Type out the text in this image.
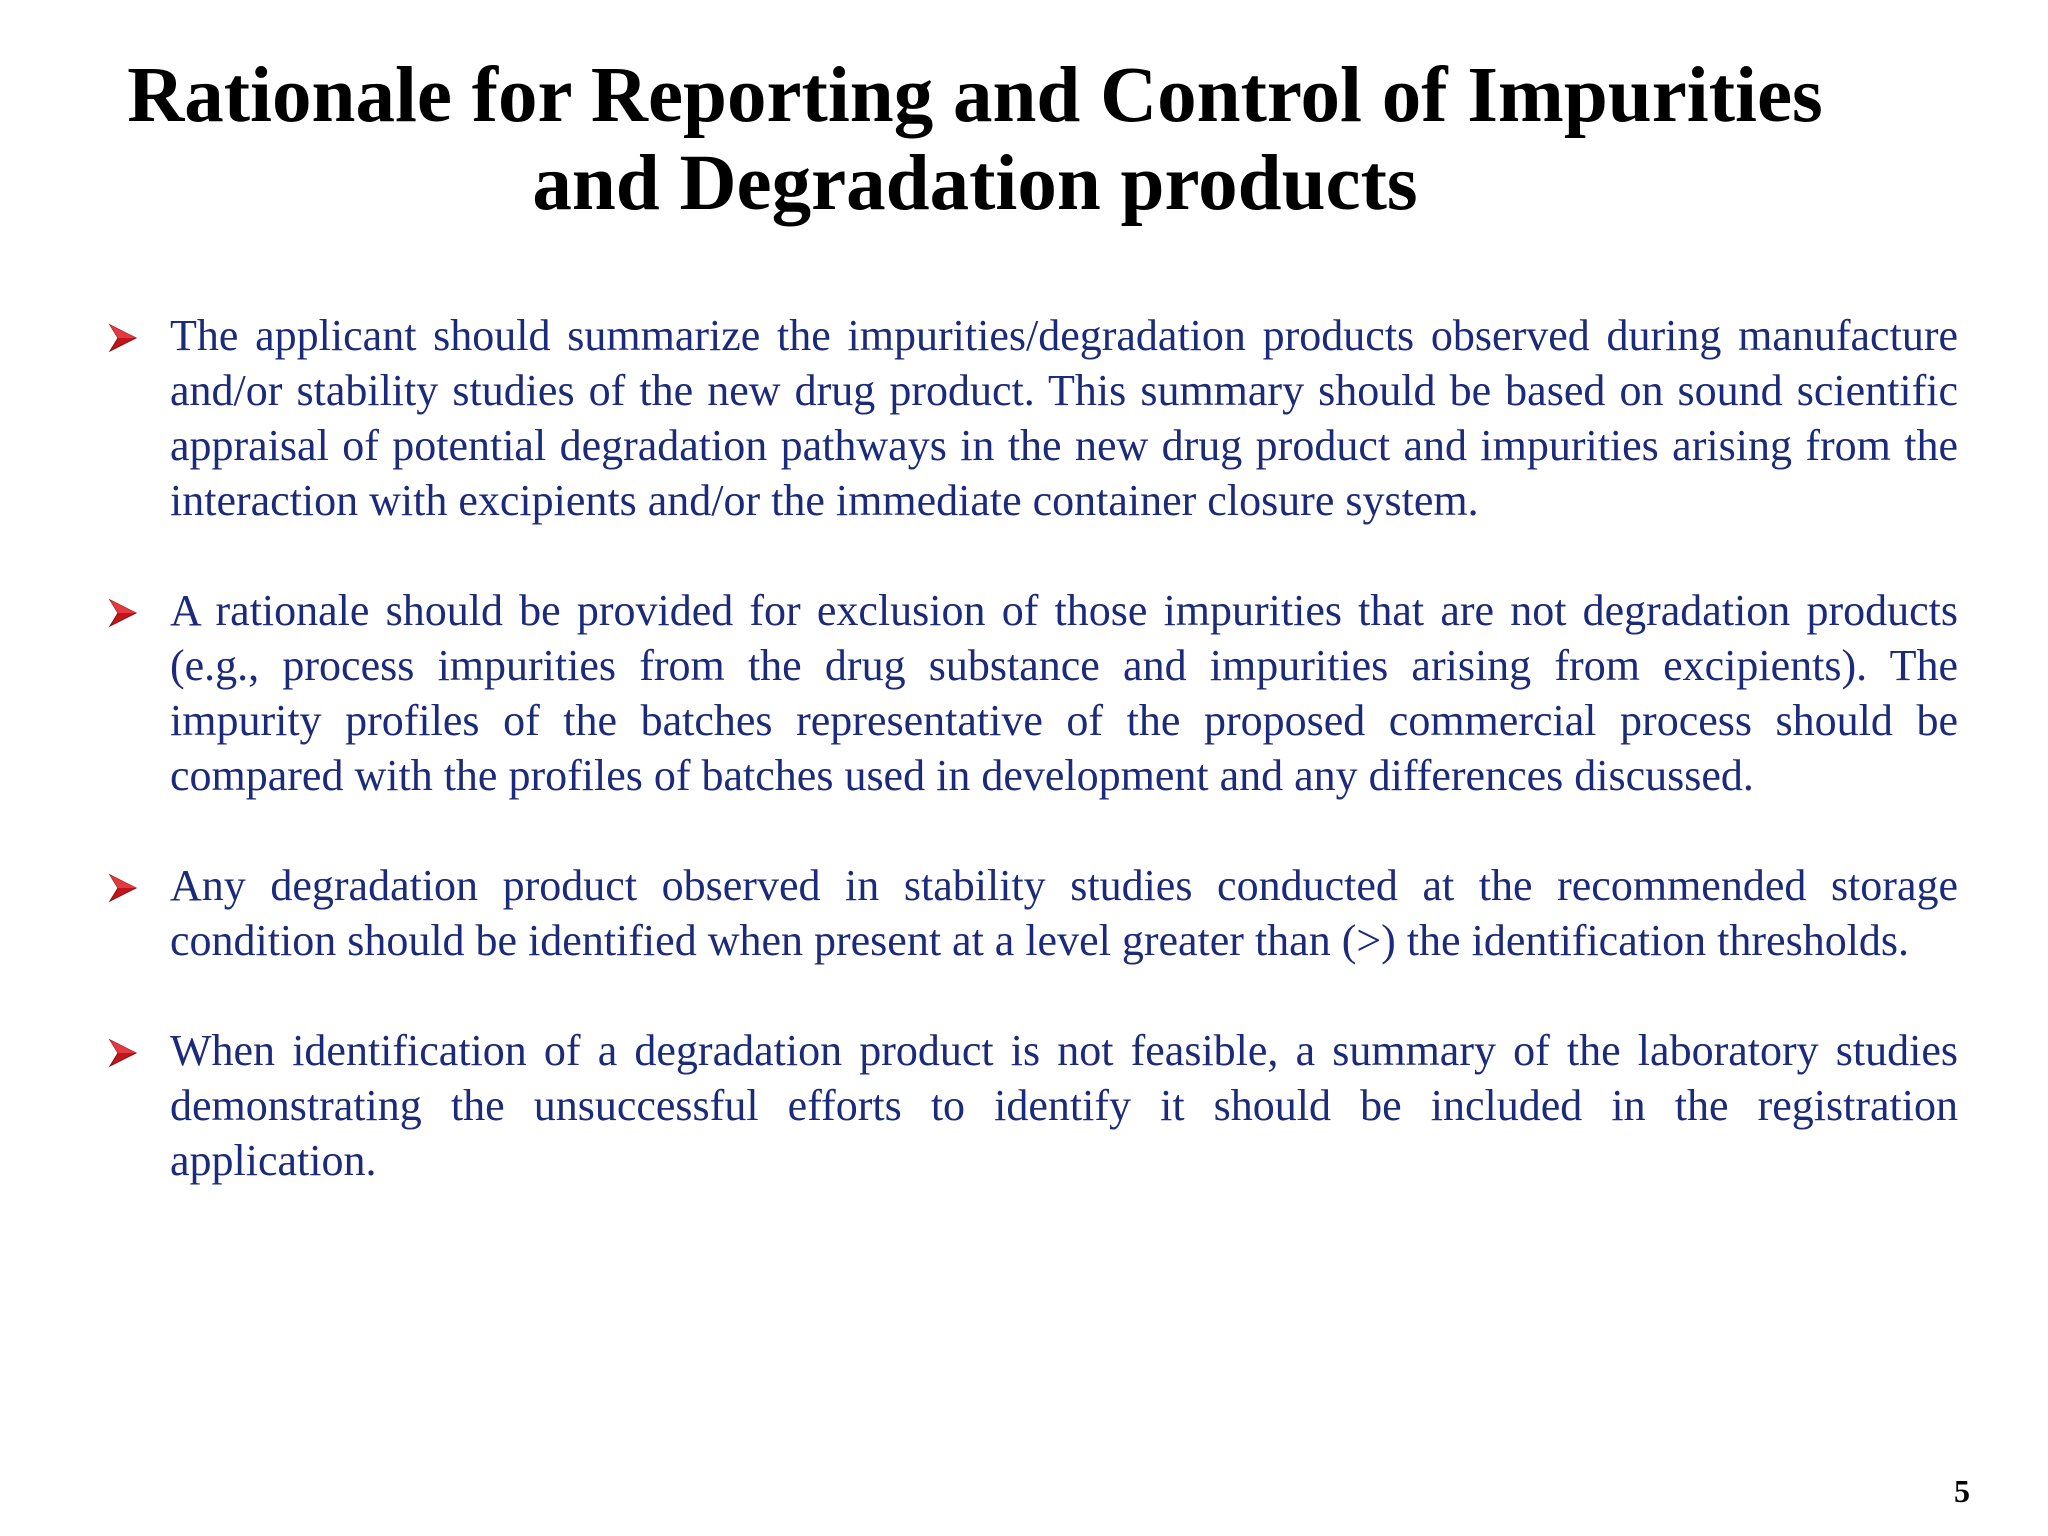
Rationale for Reporting and Control of Impurities
and Degradation products
The applicant should summarize the impurities/degradation products observed during manufacture and/or stability studies of the new drug product. This summary should be based on sound scientific appraisal of potential degradation pathways in the new drug product and impurities arising from the interaction with excipients and/or the immediate container closure system.
A rationale should be provided for exclusion of those impurities that are not degradation products (e.g., process impurities from the drug substance and impurities arising from excipients). The impurity profiles of the batches representative of the proposed commercial process should be compared with the profiles of batches used in development and any differences discussed.
Any degradation product observed in stability studies conducted at the recommended storage condition should be identified when present at a level greater than (>) the identification thresholds.
When identification of a degradation product is not feasible, a summary of the laboratory studies demonstrating the unsuccessful efforts to identify it should be included in the registration application.
5
